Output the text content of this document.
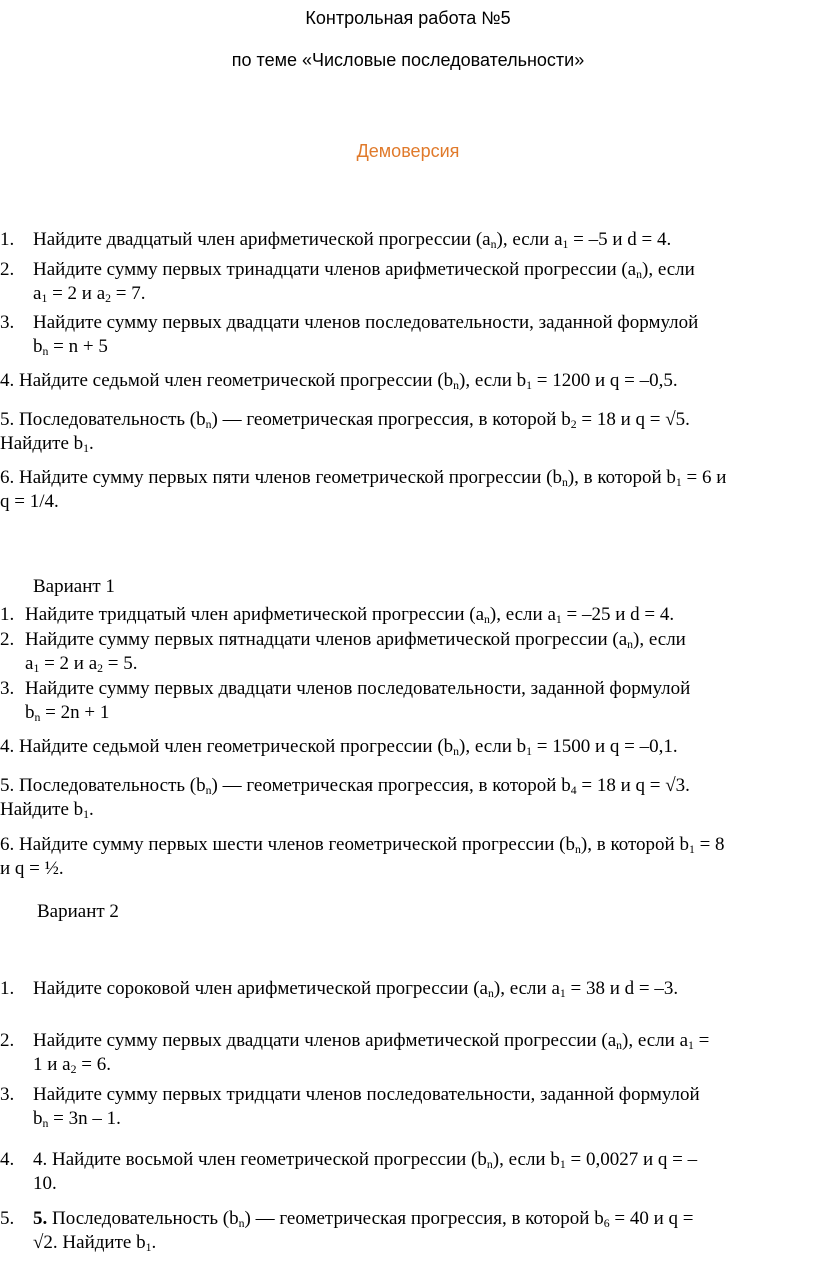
Контрольная работа №5
по теме «Числовые последовательности»
Демоверсия
1. Найдите двадцатый член арифметической прогрессии $(a_n)$, если $a_1 = -5$ и d = 4.
2. Найдите сумму первых тринадцати членов арифметической прогрессии $(a_n)$, если
$a_1 = 2$ и $a_2 = 7$.
3. Найдите сумму первых двадцати членов последовательности, заданной формулой
$b_n = n + 5$
4. Найдите седьмой член геометрической прогрессии $(b_n)$, если $b_1 = 1200$ и q = –0,5.
5. Последовательность $(b_n)$ — геометрическая прогрессия, в которой $b_2 = 18$ и q = √5.
Найдите $b_1$.
6. Найдите сумму первых пяти членов геометрической прогрессии $(b_n)$, в которой $b_1 = 6$ и
q = 1/4.
Вариант 1
1. Найдите тридцатый член арифметической прогрессии $(a_n)$, если $a_1 = -25$ и d = 4.
2. Найдите сумму первых пятнадцати членов арифметической прогрессии $(a_n)$, если
$a_1 = 2$ и $a_2 = 5$.
3. Найдите сумму первых двадцати членов последовательности, заданной формулой
$b_n = 2n + 1$
4. Найдите седьмой член геометрической прогрессии $(b_n)$, если $b_1 = 1500$ и q = –0,1.
5. Последовательность $(b_n)$ — геометрическая прогрессия, в которой $b_4 = 18$ и q = √3.
Найдите $b_1$.
6. Найдите сумму первых шести членов геометрической прогрессии $(b_n)$, в которой $b_1 = 8$
и q = ½.
Вариант 2
1. Найдите сороковой член арифметической прогрессии $(a_n)$, если $a_1 = 38$ и d = –3.
2. Найдите сумму первых двадцати членов арифметической прогрессии $(a_n)$, если $a_1$ =
1 и $a_2 = 6$.
3. Найдите сумму первых тридцати членов последовательности, заданной формулой
$b_n = 3n - 1$.
4. 4. Найдите восьмой член геометрической прогрессии $(b_n)$, если $b_1 = 0,0027$ и q = –
10.
5. 5. Последовательность $(b_n)$ — геометрическая прогрессия, в которой $b_6 = 40$ и q =
√2. Найдите $b_1$.
